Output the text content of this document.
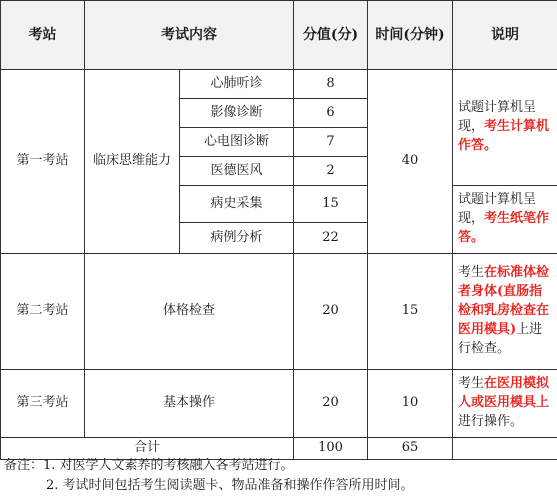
考站	考试内容		分值(分)	时间(分钟)	说明
第一考站	临床思维能力	心肺听诊	8	40	试题计算机呈现，考生计算机作答。
		影像诊断	6		
		心电图诊断	7		
		医德医风	2		
		病史采集	15		试题计算机呈现，考生纸笔作答。
		病例分析	22		
第二考站	体格检查		20	15	考生在标准体检者身体(直肠指检和乳房检查在医用模具)上进行检查。
第三考站	基本操作		20	10	考生在医用模拟人或医用模具上进行操作。
合计			100	65	
备注：1. 对医学人文素养的考核融入各考站进行。
2. 考试时间包括考生阅读题卡、物品准备和操作作答所用时间。
